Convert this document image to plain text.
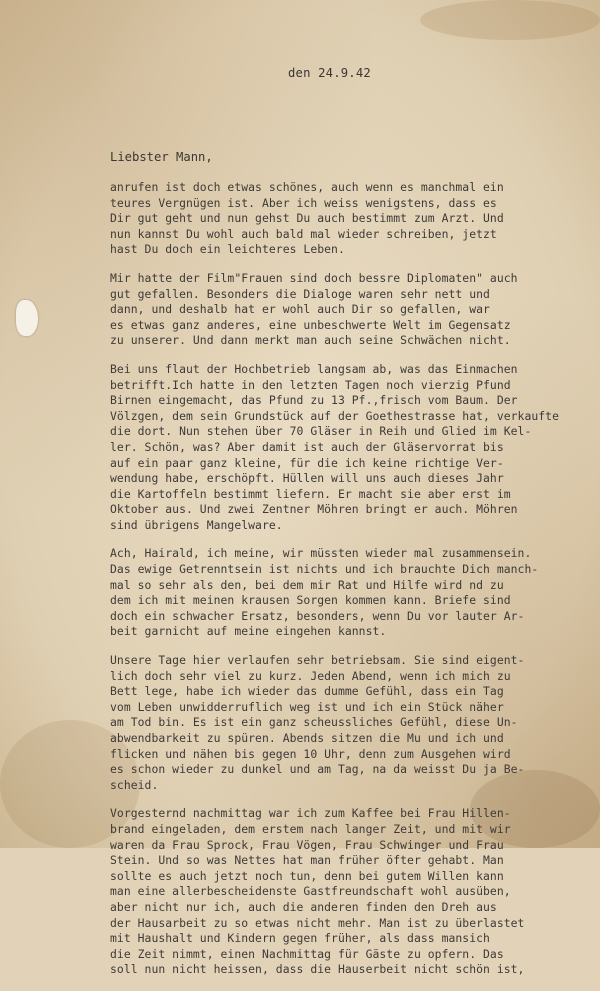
den 24.9.42
Liebster Mann,
anrufen ist doch etwas schönes, auch wenn es manchmal ein
teures Vergnügen ist. Aber ich weiss wenigstens, dass es
Dir gut geht und nun gehst Du auch bestimmt zum Arzt. Und
nun kannst Du wohl auch bald mal wieder schreiben, jetzt
hast Du doch ein leichteres Leben.
Mir hatte der Film"Frauen sind doch bessre Diplomaten" auch
gut gefallen. Besonders die Dialoge waren sehr nett und
dann, und deshalb hat er wohl auch Dir so gefallen, war
es etwas ganz anderes, eine unbeschwerte Welt im Gegensatz
zu unserer. Und dann merkt man auch seine Schwächen nicht.
Bei uns flaut der Hochbetrieb langsam ab, was das Einmachen
betrifft.Ich hatte in den letzten Tagen noch vierzig Pfund
Birnen eingemacht, das Pfund zu 13 Pf.,frisch vom Baum. Der
Völzgen, dem sein Grundstück auf der Goethestrasse hat, verkaufte
die dort. Nun stehen über 70 Gläser in Reih und Glied im Kel-
ler. Schön, was? Aber damit ist auch der Gläservorrat bis
auf ein paar ganz kleine, für die ich keine richtige Ver-
wendung habe, erschöpft. Hüllen will uns auch dieses Jahr
die Kartoffeln bestimmt liefern. Er macht sie aber erst im
Oktober aus. Und zwei Zentner Möhren bringt er auch. Möhren
sind übrigens Mangelware.
Ach, Hairald, ich meine, wir müssten wieder mal zusammensein.
Das ewige Getrenntsein ist nichts und ich brauchte Dich manch-
mal so sehr als den, bei dem mir Rat und Hilfe wird nd zu
dem ich mit meinen krausen Sorgen kommen kann. Briefe sind
doch ein schwacher Ersatz, besonders, wenn Du vor lauter Ar-
beit garnicht auf meine eingehen kannst.
Unsere Tage hier verlaufen sehr betriebsam. Sie sind eigent-
lich doch sehr viel zu kurz. Jeden Abend, wenn ich mich zu
Bett lege, habe ich wieder das dumme Gefühl, dass ein Tag
vom Leben unwidderruflich weg ist und ich ein Stück näher
am Tod bin. Es ist ein ganz scheussliches Gefühl, diese Un-
abwendbarkeit zu spüren. Abends sitzen die Mu und ich und
flicken und nähen bis gegen 10 Uhr, denn zum Ausgehen wird
es schon wieder zu dunkel und am Tag, na da weisst Du ja Be-
scheid.
Vorgesternd nachmittag war ich zum Kaffee bei Frau Hillen-
brand eingeladen, dem erstem nach langer Zeit, und mit wir
waren da Frau Sprock, Frau Vögen, Frau Schwinger und Frau
Stein. Und so was Nettes hat man früher öfter gehabt. Man
sollte es auch jetzt noch tun, denn bei gutem Willen kann
man eine allerbescheidenste Gastfreundschaft wohl ausüben,
aber nicht nur ich, auch die anderen finden den Dreh aus
der Hausarbeit zu so etwas nicht mehr. Man ist zu überlastet
mit Haushalt und Kindern gegen früher, als dass mansich
die Zeit nimmt, einen Nachmittag für Gäste zu opfern. Das
soll nun nicht heissen, dass die Hauserbeit nicht schön ist,
